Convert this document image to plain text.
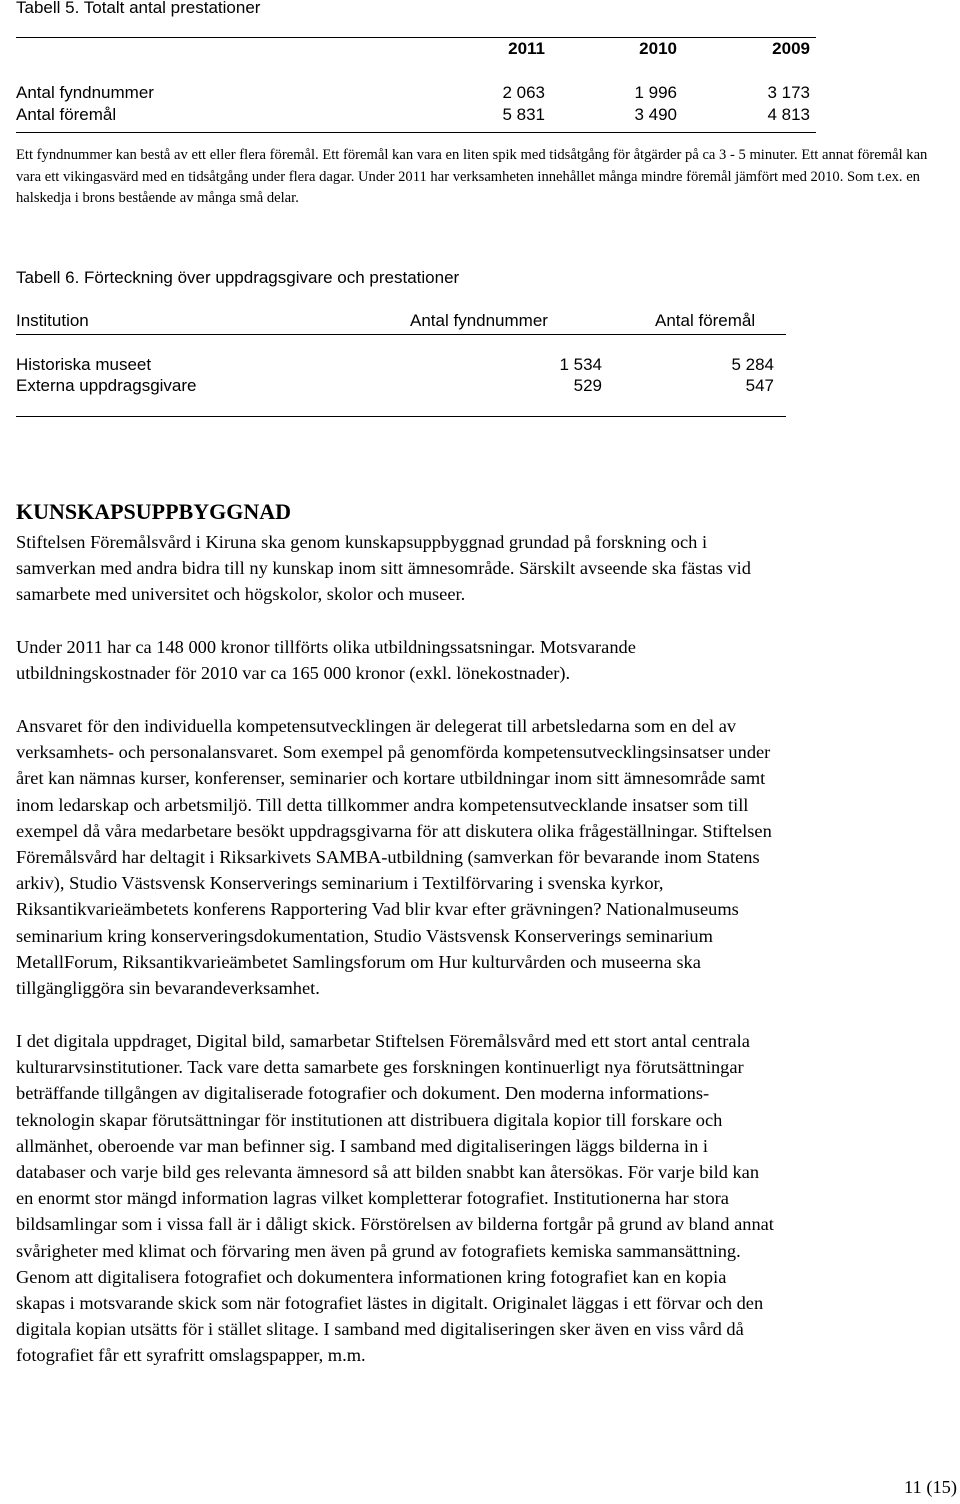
Tabell 5. Totalt antal prestationer
2011	2010	2009
Antal fyndnummer	2 063	1 996	3 173
Antal föremål	5 831	3 490	4 813
Ett fyndnummer kan bestå av ett eller flera föremål. Ett föremål kan vara en liten spik med tidsåtgång för åtgärder på ca 3 - 5 minuter. Ett annat föremål kan vara ett vikingasvärd med en tidsåtgång under flera dagar. Under 2011 har verksamheten innehållet många mindre föremål jämfört med 2010. Som t.ex. en halskedja i brons bestående av många små delar.
Tabell 6. Förteckning över uppdragsgivare och prestationer
Institution	Antal fyndnummer	Antal föremål
Historiska museet	1 534	5 284
Externa uppdragsgivare	529	547
KUNSKAPSUPPBYGGNAD
Stiftelsen Föremålsvård i Kiruna ska genom kunskapsuppbyggnad grundad på forskning och i
samverkan med andra bidra till ny kunskap inom sitt ämnesområde. Särskilt avseende ska fästas vid
samarbete med universitet och högskolor, skolor och museer.
Under 2011 har ca 148 000 kronor tillförts olika utbildningssatsningar. Motsvarande
utbildningskostnader för 2010 var ca 165 000 kronor (exkl. lönekostnader).
Ansvaret för den individuella kompetensutvecklingen är delegerat till arbetsledarna som en del av
verksamhets- och personalansvaret. Som exempel på genomförda kompetensutvecklingsinsatser under
året kan nämnas kurser, konferenser, seminarier och kortare utbildningar inom sitt ämnesområde samt
inom ledarskap och arbetsmiljö. Till detta tillkommer andra kompetensutvecklande insatser som till
exempel då våra medarbetare besökt uppdragsgivarna för att diskutera olika frågeställningar. Stiftelsen
Föremålsvård har deltagit i Riksarkivets SAMBA-utbildning (samverkan för bevarande inom Statens
arkiv), Studio Västsvensk Konserverings seminarium i Textilförvaring i svenska kyrkor,
Riksantikvarieämbetets konferens Rapportering Vad blir kvar efter grävningen? Nationalmuseums
seminarium kring konserveringsdokumentation, Studio Västsvensk Konserverings seminarium
MetallForum, Riksantikvarieämbetet Samlingsforum om Hur kulturvården och museerna ska
tillgängliggöra sin bevarandeverksamhet.
I det digitala uppdraget, Digital bild, samarbetar Stiftelsen Föremålsvård med ett stort antal centrala
kulturarvsinstitutioner. Tack vare detta samarbete ges forskningen kontinuerligt nya förutsättningar
beträffande tillgången av digitaliserade fotografier och dokument. Den moderna informations-
teknologin skapar förutsättningar för institutionen att distribuera digitala kopior till forskare och
allmänhet, oberoende var man befinner sig. I samband med digitaliseringen läggs bilderna in i
databaser och varje bild ges relevanta ämnesord så att bilden snabbt kan återsökas. För varje bild kan
en enormt stor mängd information lagras vilket kompletterar fotografiet. Institutionerna har stora
bildsamlingar som i vissa fall är i dåligt skick. Förstörelsen av bilderna fortgår på grund av bland annat
svårigheter med klimat och förvaring men även på grund av fotografiets kemiska sammansättning.
Genom att digitalisera fotografiet och dokumentera informationen kring fotografiet kan en kopia
skapas i motsvarande skick som när fotografiet lästes in digitalt. Originalet läggas i ett förvar och den
digitala kopian utsätts för i stället slitage. I samband med digitaliseringen sker även en viss vård då
fotografiet får ett syrafritt omslagspapper, m.m.
11 (15)
